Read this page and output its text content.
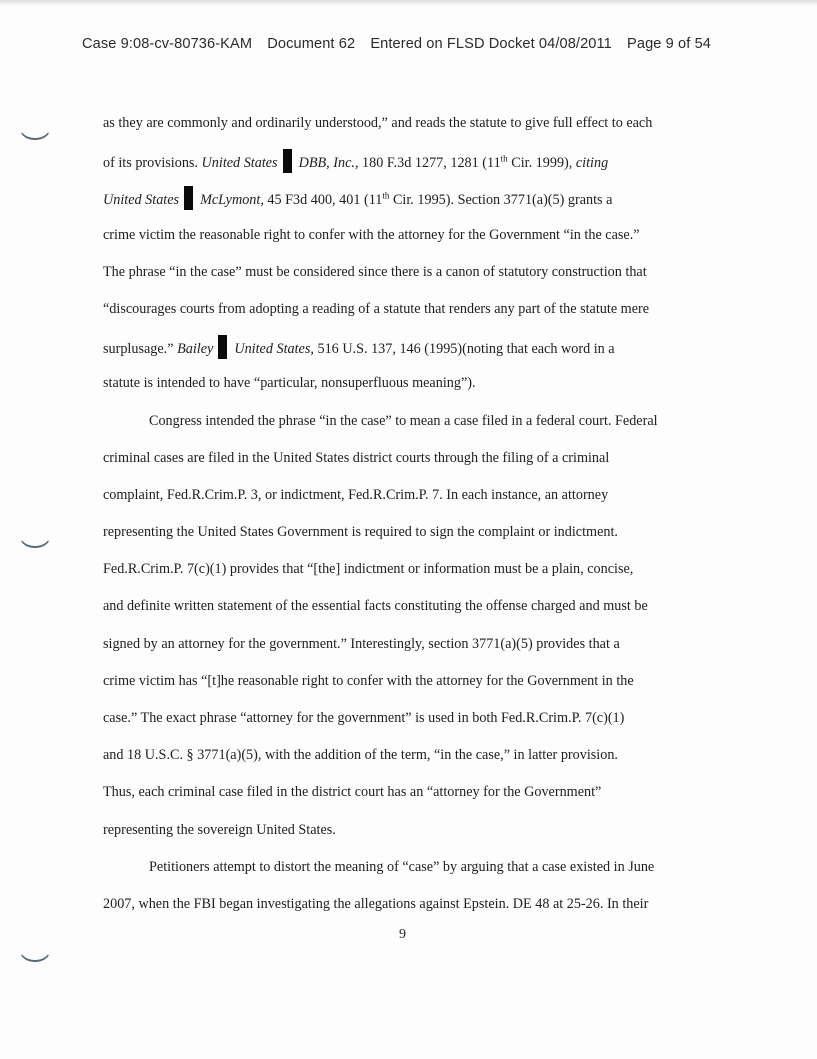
Case 9:08-cv-80736-KAM Document 62 Entered on FLSD Docket 04/08/2011 Page 9 of 54
as they are commonly and ordinarily understood,” and reads the statute to give full effect to each
of its provisions. United States DBB, Inc., 180 F.3d 1277, 1281 (11th Cir. 1999), citing
United States McLymont, 45 F3d 400, 401 (11th Cir. 1995). Section 3771(a)(5) grants a
crime victim the reasonable right to confer with the attorney for the Government “in the case.”
The phrase “in the case” must be considered since there is a canon of statutory construction that
“discourages courts from adopting a reading of a statute that renders any part of the statute mere
surplusage.” Bailey United States, 516 U.S. 137, 146 (1995)(noting that each word in a
statute is intended to have “particular, nonsuperfluous meaning”).
Congress intended the phrase “in the case” to mean a case filed in a federal court. Federal
criminal cases are filed in the United States district courts through the filing of a criminal
complaint, Fed.R.Crim.P. 3, or indictment, Fed.R.Crim.P. 7. In each instance, an attorney
representing the United States Government is required to sign the complaint or indictment.
Fed.R.Crim.P. 7(c)(1) provides that “[the] indictment or information must be a plain, concise,
and definite written statement of the essential facts constituting the offense charged and must be
signed by an attorney for the government.” Interestingly, section 3771(a)(5) provides that a
crime victim has “[t]he reasonable right to confer with the attorney for the Government in the
case.” The exact phrase “attorney for the government” is used in both Fed.R.Crim.P. 7(c)(1)
and 18 U.S.C. § 3771(a)(5), with the addition of the term, “in the case,” in latter provision.
Thus, each criminal case filed in the district court has an “attorney for the Government”
representing the sovereign United States.
Petitioners attempt to distort the meaning of “case” by arguing that a case existed in June
2007, when the FBI began investigating the allegations against Epstein. DE 48 at 25-26. In their
9
